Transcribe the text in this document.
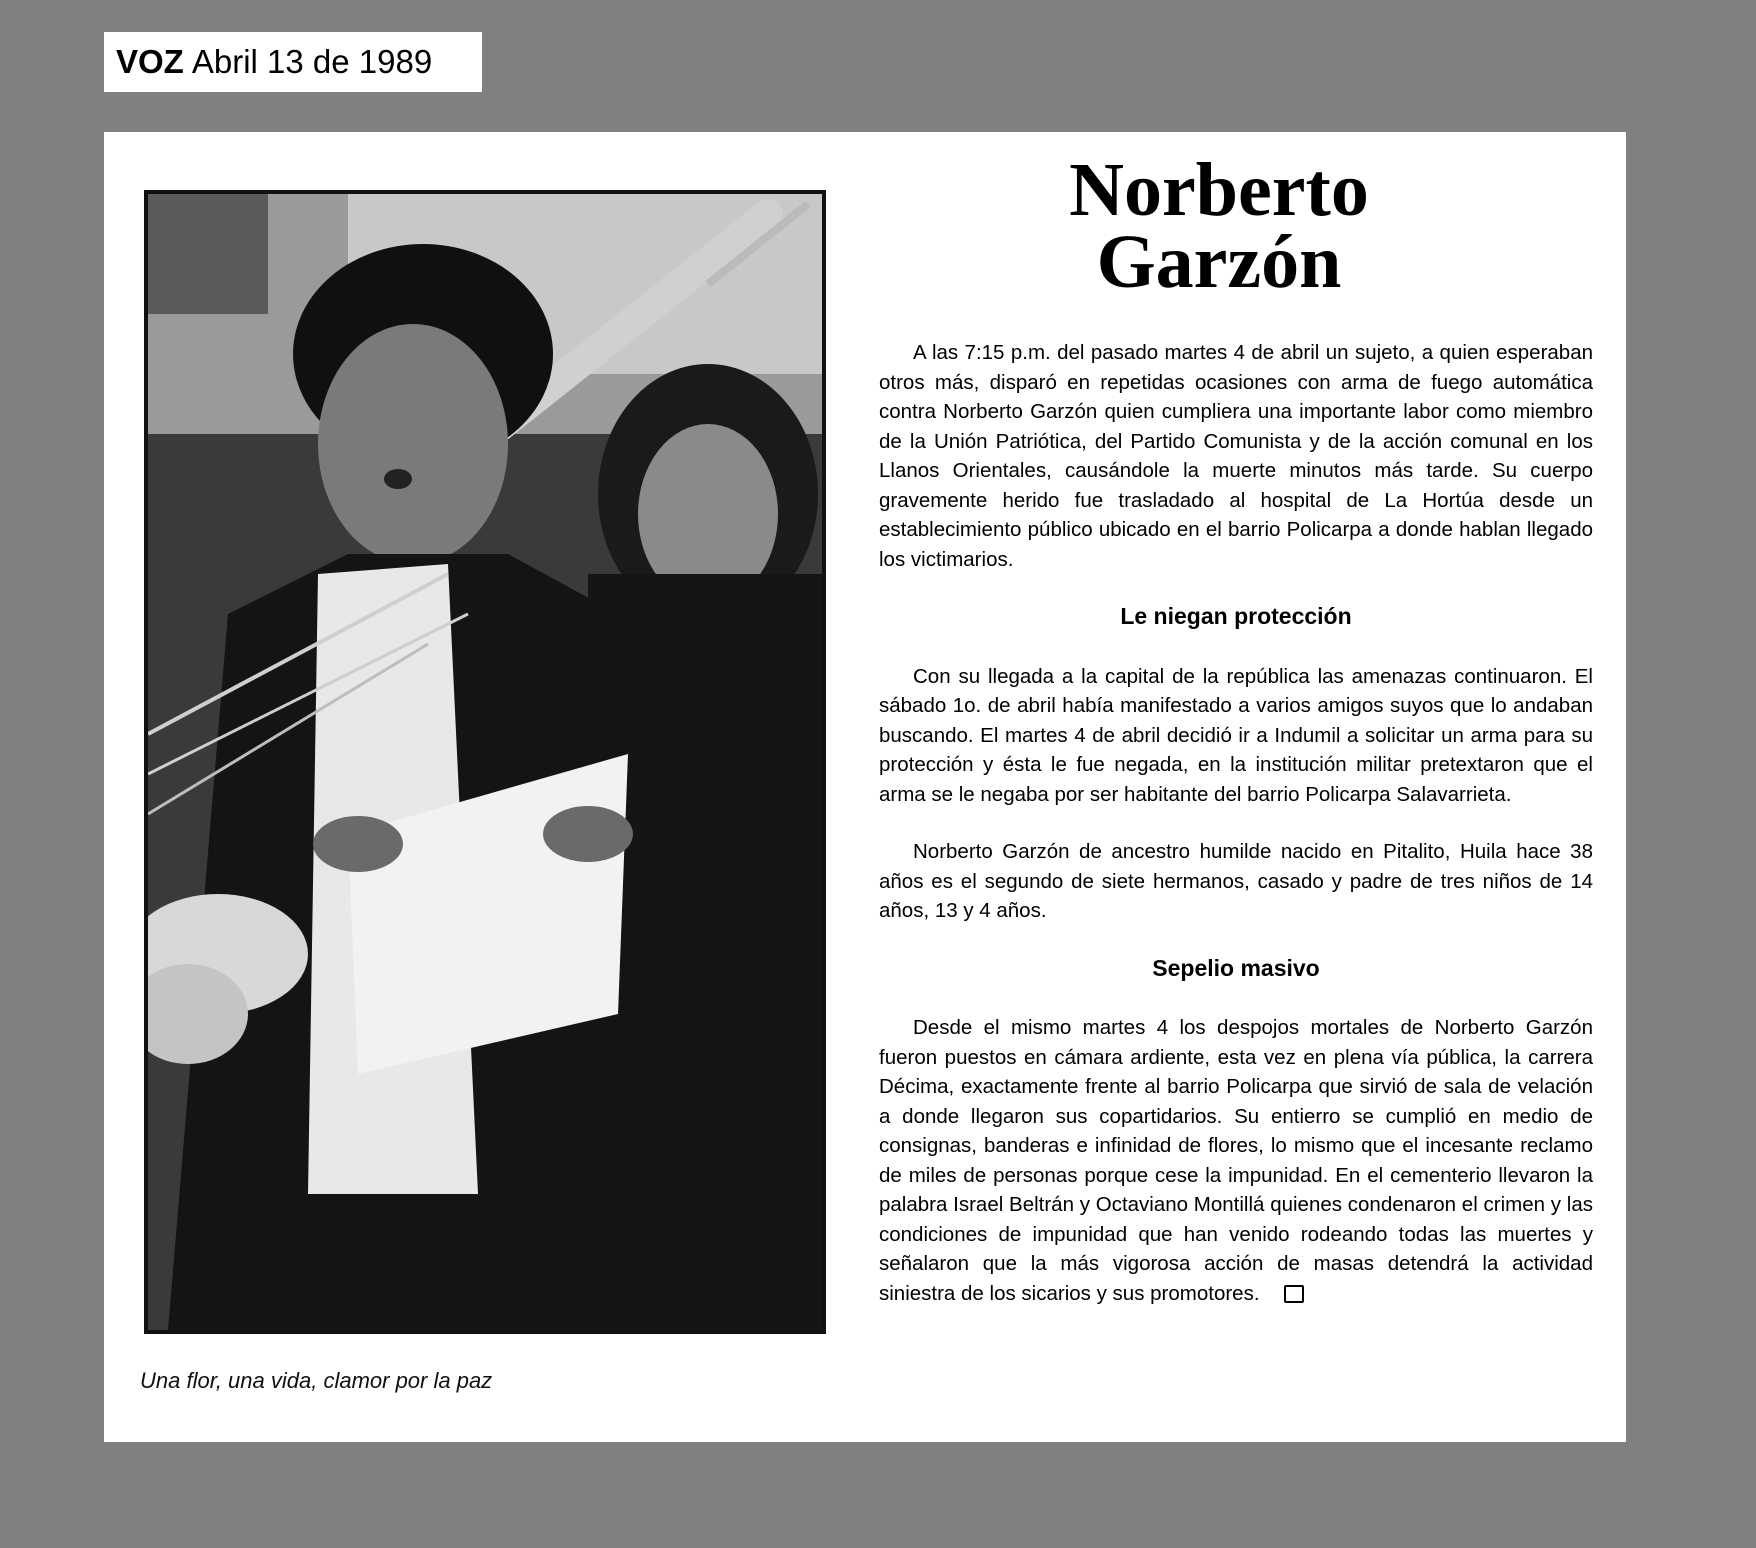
VOZ Abril 13 de 1989
Una flor, una vida, clamor por la paz
Norberto
Garzón

A las 7:15 p.m. del pasado martes 4 de abril un sujeto, a quien esperaban otros más, disparó en repetidas ocasiones con arma de fuego automática contra Norberto Garzón quien cumpliera una importante labor como miembro de la Unión Patriótica, del Partido Comunista y de la acción comunal en los Llanos Orientales, causándole la muerte minutos más tarde. Su cuerpo gravemente herido fue trasladado al hospital de La Hortúa desde un establecimiento público ubicado en el barrio Policarpa a donde hablan llegado los victimarios.

Le niegan protección

Con su llegada a la capital de la república las amenazas continuaron. El sábado 1o. de abril había manifestado a varios amigos suyos que lo andaban buscando. El martes 4 de abril decidió ir a Indumil a solicitar un arma para su protección y ésta le fue negada, en la institución militar pretextaron que el arma se le negaba por ser habitante del barrio Policarpa Salavarrieta.

Norberto Garzón de ancestro humilde nacido en Pitalito, Huila hace 38 años es el segundo de siete hermanos, casado y padre de tres niños de 14 años, 13 y 4 años.

Sepelio masivo

Desde el mismo martes 4 los despojos mortales de Norberto Garzón fueron puestos en cámara ardiente, esta vez en plena vía pública, la carrera Décima, exactamente frente al barrio Policarpa que sirvió de sala de velación a donde llegaron sus copartidarios. Su entierro se cumplió en medio de consignas, banderas e infinidad de flores, lo mismo que el incesante reclamo de miles de personas porque cese la impunidad. En el cementerio llevaron la palabra Israel Beltrán y Octaviano Montillá quienes condenaron el crimen y las condiciones de impunidad que han venido rodeando todas las muertes y señalaron que la más vigorosa acción de masas detendrá la actividad siniestra de los sicarios y sus promotores.
